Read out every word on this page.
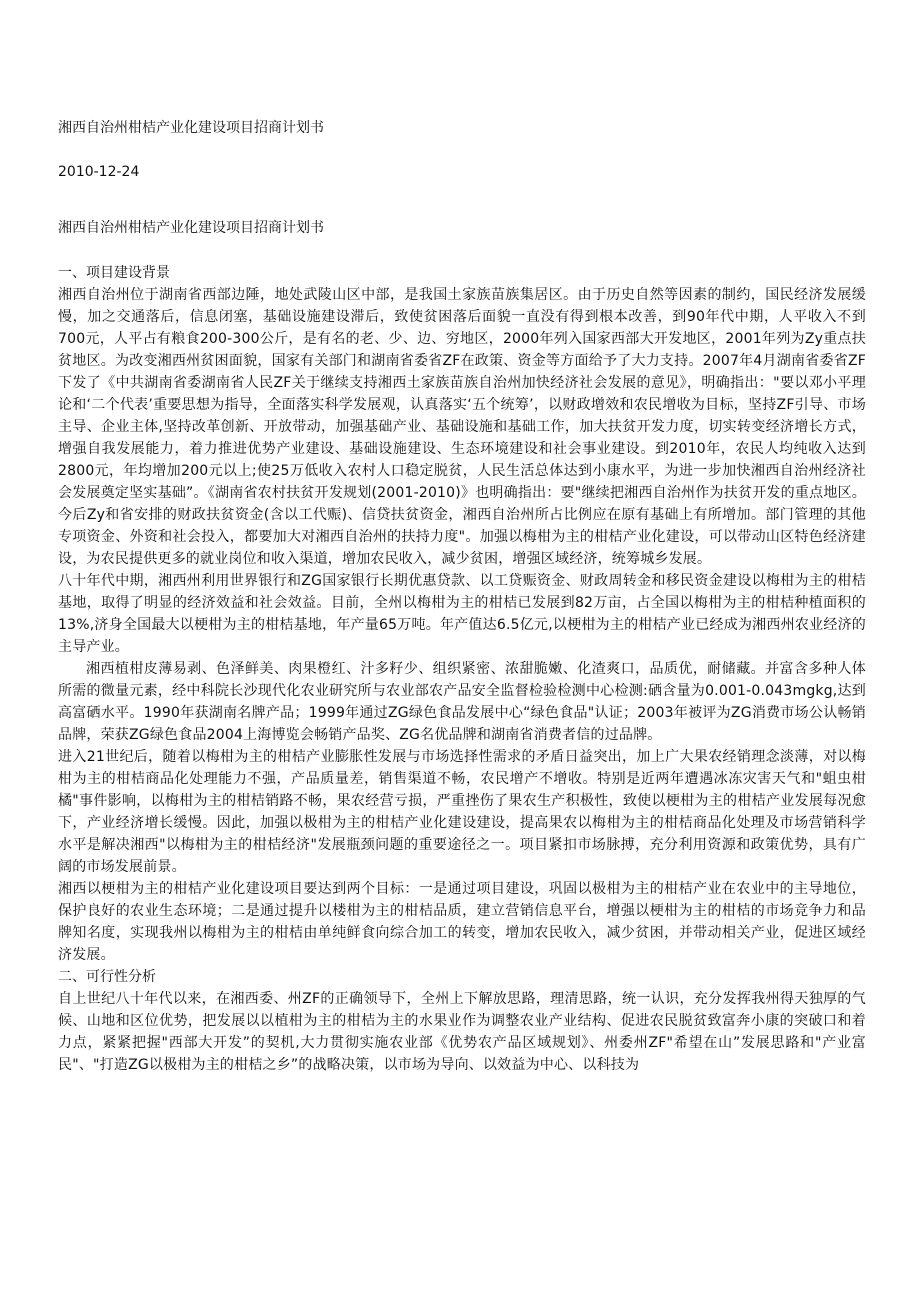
湘西自治州柑桔产业化建设项目招商计划书
2010-12-24
湘西自治州柑桔产业化建设项目招商计划书

一、项目建设背景

湘西自治州位于湖南省西部边陲，地处武陵山区中部，是我国土家族苗族集居区。由于历史自然等因素的制约，国民经济发展缓慢，加之交通落后，信息闭塞，基础设施建设滞后，致使贫困落后面貌一直没有得到根本改善，到90年代中期，人平收入不到700元，人平占有粮食200-300公斤，是有名的老、少、边、穷地区，2000年列入国家西部大开发地区，2001年列为Zy重点扶贫地区。为改变湘西州贫困面貌，国家有关部门和湖南省委省ZF在政策、资金等方面给予了大力支持。2007年4月湖南省委省ZF下发了《中共湖南省委湖南省人民ZF关于继续支持湘西土家族苗族自治州加快经济社会发展的意见》，明确指出："要以邓小平理论和‘二个代表’重要思想为指导，全面落实科学发展观，认真落实‘五个统筹’，以财政增效和农民增收为目标，坚持ZF引导、市场主导、企业主体,坚持改革创新、开放带动，加强基础产业、基础设施和基础工作，加大扶贫开发力度，切实转变经济增长方式，增强自我发展能力，着力推进优势产业建设、基础设施建设、生态环境建设和社会事业建设。到2010年，农民人均纯收入达到2800元，年均增加200元以上;使25万低收入农村人口稳定脱贫，人民生活总体达到小康水平，为进一步加快湘西自治州经济社会发展奠定坚实基础”。《湖南省农村扶贫开发规划(2001-2010)》也明确指出：要"继续把湘西自治州作为扶贫开发的重点地区。今后Zy和省安排的财政扶贫资金(含以工代赈)、信贷扶贫资金，湘西自治州所占比例应在原有基础上有所增加。部门管理的其他专项资金、外资和社会投入，都要加大对湘西自治州的扶持力度"。加强以梅柑为主的柑桔产业化建设，可以带动山区特色经济建设，为农民提供更多的就业岗位和收入渠道，增加农民收入，减少贫困，增强区域经济，统筹城乡发展。

八十年代中期，湘西州利用世界银行和ZG国家银行长期优惠贷款、以工贷赈资金、财政周转金和移民资金建设以梅柑为主的柑桔基地，取得了明显的经济效益和社会效益。目前，全州以梅柑为主的柑桔已发展到82万亩，占全国以梅柑为主的柑桔种植面积的13%,济身全国最大以梗柑为主的柑桔基地，年产量65万吨。年产值达6.5亿元,以梗柑为主的柑桔产业已经成为湘西州农业经济的主导产业。

湘西植柑皮薄易剥、色泽鲜美、肉果橙红、汁多籽少、组织紧密、浓甜脆嫩、化渣爽口，品质优，耐储藏。并富含多种人体所需的微量元素，经中科院长沙现代化农业研究所与农业部农产品安全监督检验检测中心检测:硒含量为0.001-0.043mgkg,达到高富硒水平。1990年获湖南名牌产品；1999年通过ZG绿色食品发展中心“绿色食品"认证；2003年被评为ZG消费市场公认畅销品牌，荣获ZG绿色食品2004上海博览会畅销产品奖、ZG名优品牌和湖南省消费者信的过品牌。

进入21世纪后，随着以梅柑为主的柑桔产业膨胀性发展与市场选择性需求的矛盾日益突出，加上广大果农经销理念淡薄，对以梅柑为主的柑桔商品化处理能力不强，产品质量差，销售渠道不畅，农民增产不增收。特别是近两年遭遇冰冻灾害天气和"蛆虫柑橘"事件影响，以梅柑为主的柑桔销路不畅，果农经营亏损，严重挫伤了果农生产积极性，致使以梗柑为主的柑桔产业发展每况愈下，产业经济增长缓慢。因此，加强以极柑为主的柑桔产业化建设建设，提高果农以梅柑为主的柑桔商品化处理及市场营销科学水平是解决湘西"以梅柑为主的柑桔经济"发展瓶颈问题的重要途径之一。项目紧扣市场脉搏，充分利用资源和政策优势，具有广阔的市场发展前景。

湘西以梗柑为主的柑桔产业化建设项目要达到两个目标：一是通过项目建设，巩固以极柑为主的柑桔产业在农业中的主导地位，保护良好的农业生态环境；二是通过提升以楼柑为主的柑桔品质，建立营销信息平台，增强以梗柑为主的柑桔的市场竞争力和品牌知名度，实现我州以梅柑为主的柑桔由单纯鲜食向综合加工的转变，增加农民收入，减少贫困，并带动相关产业，促进区域经济发展。

二、可行性分析

自上世纪八十年代以来，在湘西委、州ZF的正确领导下，全州上下解放思路，理清思路，统一认识，充分发挥我州得天独厚的气候、山地和区位优势，把发展以以植柑为主的柑桔为主的水果业作为调整农业产业结构、促进农民脱贫致富奔小康的突破口和着力点，紧紧把握"西部大开发”的契机,大力贯彻实施农业部《优势农产品区域规划》、州委州ZF"希望在山”发展思路和"产业富民"、"打造ZG以极柑为主的柑桔之乡”的战略决策，以市场为导向、以效益为中心、以科技为
